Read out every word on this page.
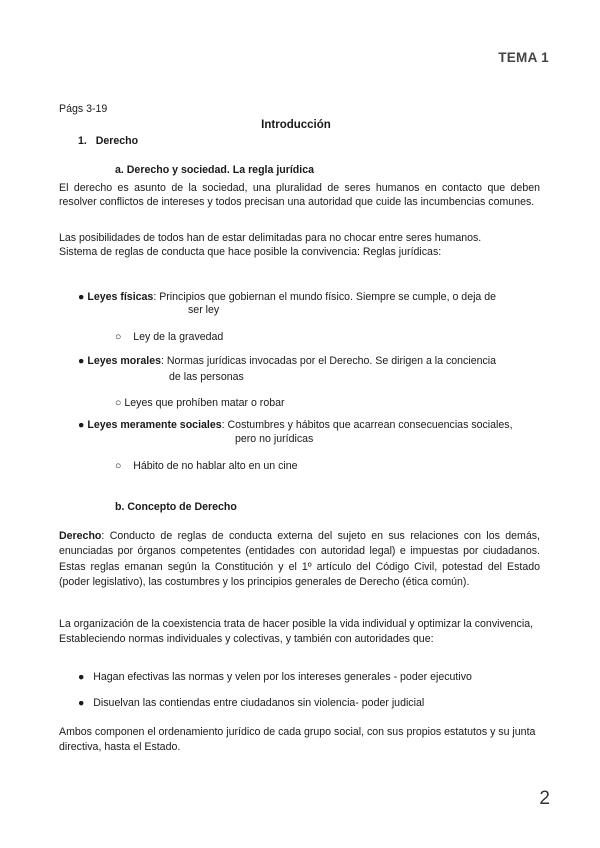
TEMA 1
Págs 3-19
Introducción
1. Derecho
a. Derecho y sociedad. La regla jurídica
El derecho es asunto de la sociedad, una pluralidad de seres humanos en contacto que deben resolver conflictos de intereses y todos precisan una autoridad que cuide las incumbencias comunes.
Las posibilidades de todos han de estar delimitadas para no chocar entre seres humanos.
Sistema de reglas de conducta que hace posible la convivencia: Reglas jurídicas:
● Leyes físicas: Principios que gobiernan el mundo físico. Siempre se cumple, o deja de
ser ley
○ Ley de la gravedad
● Leyes morales: Normas jurídicas invocadas por el Derecho. Se dirigen a la conciencia
de las personas
○ Leyes que prohíben matar o robar
● Leyes meramente sociales: Costumbres y hábitos que acarrean consecuencias sociales,
pero no jurídicas
○ Hábito de no hablar alto en un cine
b. Concepto de Derecho
Derecho: Conducto de reglas de conducta externa del sujeto en sus relaciones con los demás, enunciadas por órganos competentes (entidades con autoridad legal) e impuestas por ciudadanos. Estas reglas emanan según la Constitución y el 1º artículo del Código Civil, potestad del Estado (poder legislativo), las costumbres y los principios generales de Derecho (ética común).
La organización de la coexistencia trata de hacer posible la vida individual y optimizar la convivencia, Estableciendo normas individuales y colectivas, y también con autoridades que:
● Hagan efectivas las normas y velen por los intereses generales - poder ejecutivo
● Disuelvan las contiendas entre ciudadanos sin violencia- poder judicial
Ambos componen el ordenamiento jurídico de cada grupo social, con sus propios estatutos y su junta directiva, hasta el Estado.
2
